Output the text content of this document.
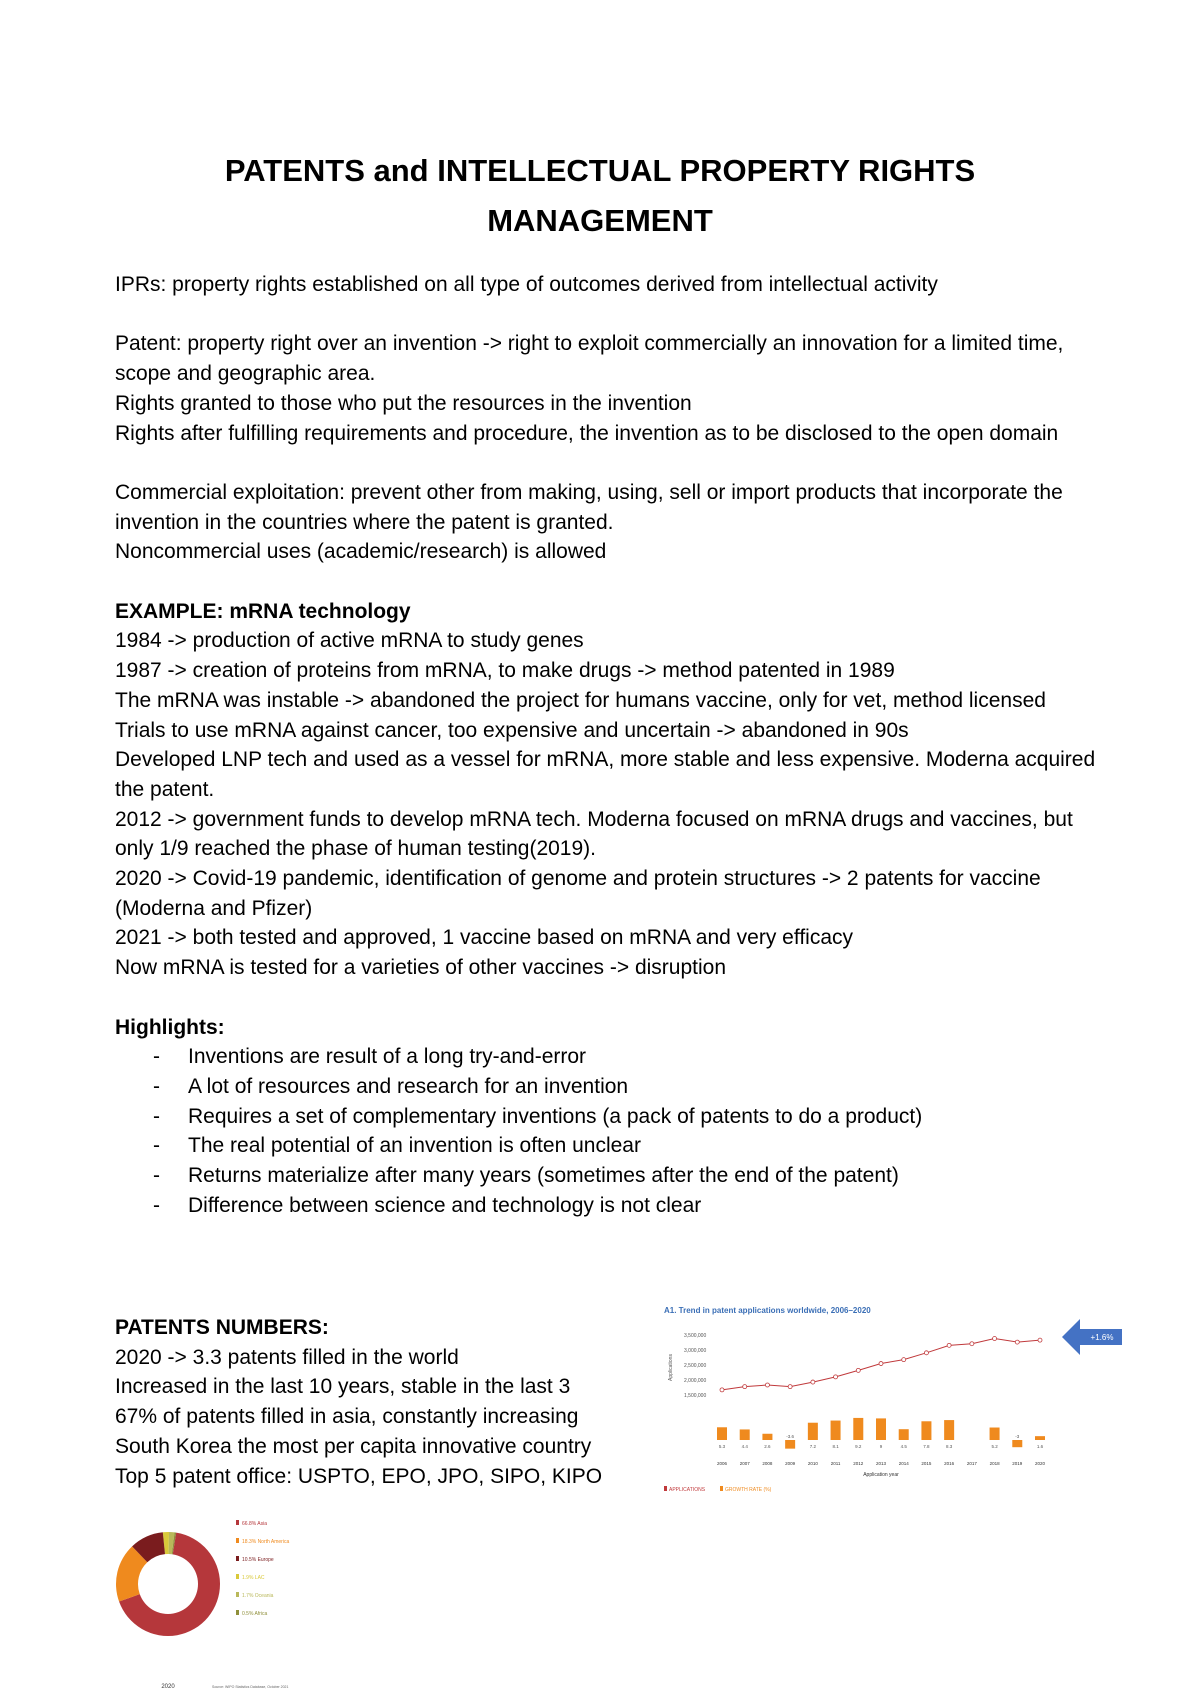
PATENTS and INTELLECTUAL PROPERTY RIGHTS
MANAGEMENT

IPRs: property rights established on all type of outcomes derived from intellectual activity

Patent: property right over an invention -> right to exploit commercially an innovation for a limited time, scope and geographic area.

Rights granted to those who put the resources in the invention

Rights after fulfilling requirements and procedure, the invention as to be disclosed to the open domain

Commercial exploitation: prevent other from making, using, sell or import products that incorporate the invention in the countries where the patent is granted.

Noncommercial uses (academic/research) is allowed

EXAMPLE: mRNA technology

1984 -> production of active mRNA to study genes

1987 -> creation of proteins from mRNA, to make drugs -> method patented in 1989

The mRNA was instable -> abandoned the project for humans vaccine, only for vet, method licensed

Trials to use mRNA against cancer, too expensive and uncertain -> abandoned in 90s

Developed LNP tech and used as a vessel for mRNA, more stable and less expensive. Moderna acquired the patent.

2012 -> government funds to develop mRNA tech. Moderna focused on mRNA drugs and vaccines, but only 1/9 reached the phase of human testing(2019).

2020 -> Covid-19 pandemic, identification of genome and protein structures -> 2 patents for vaccine (Moderna and Pfizer)

2021 -> both tested and approved, 1 vaccine based on mRNA and very efficacy

Now mRNA is tested for a varieties of other vaccines -> disruption

Highlights:

- Inventions are result of a long try-and-error
- A lot of resources and research for an invention
- Requires a set of complementary inventions (a pack of patents to do a product)
- The real potential of an invention is often unclear
- Returns materialize after many years (sometimes after the end of the patent)
- Difference between science and technology is not clear

PATENTS NUMBERS:

2020 -> 3.3 patents filled in the world

Increased in the last 10 years, stable in the last 3

67% of patents filled in asia, constantly increasing

South Korea the most per capita innovative country

Top 5 patent office: USPTO, EPO, JPO, SIPO, KIPO

A1. Trend in patent applications worldwide, 2006–2020
3,500,000
3,000,000
2,500,000
2,000,000
1,500,000
Applications
5.3	4.4	2.6
-3.6
7.2	8.1	9.2	9	4.5	7.8	8.3	5.2
-3
1.6
2006	2007	2008	2009	2010	2011	2012	2013	2014	2015	2016	2017	2018	2019	2020
Application year
APPLICATIONS	GROWTH RATE (%)
+1.6%
2020
66.8% Asia
18.3% North America
10.5% Europe
1.9% LAC
1.7% Oceania
0.5% Africa
Source: WIPO Statistics Database, October 2021
